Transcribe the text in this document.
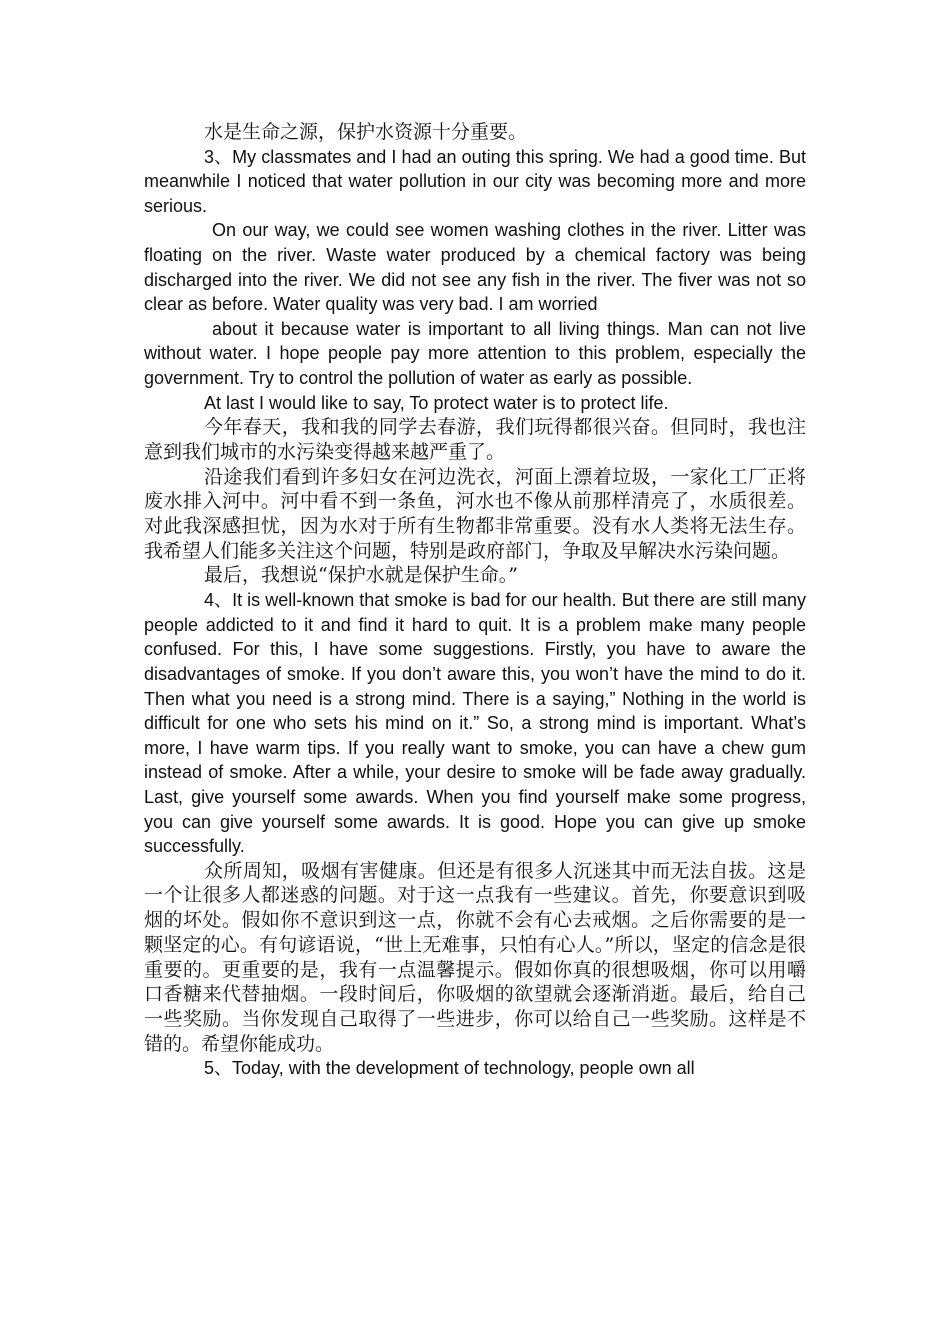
水是生命之源，保护水资源十分重要。

3、My classmates and I had an outing this spring. We had a good time. But meanwhile I noticed that water pollution in our city was becoming more and more serious.

On our way, we could see women washing clothes in the river. Litter was floating on the river. Waste water produced by a chemical factory was being discharged into the river. We did not see any fish in the river. The fiver was not so clear as before. Water quality was very bad. I am worried

about it because water is important to all living things. Man can not live without water. I hope people pay more attention to this problem, especially the government. Try to control the pollution of water as early as possible.

At last I would like to say, To protect water is to protect life.

今年春天，我和我的同学去春游，我们玩得都很兴奋。但同时，我也注意到我们城市的水污染变得越来越严重了。

沿途我们看到许多妇女在河边洗衣，河面上漂着垃圾，一家化工厂正将废水排入河中。河中看不到一条鱼，河水也不像从前那样清亮了，水质很差。对此我深感担忧，因为水对于所有生物都非常重要。没有水人类将无法生存。我希望人们能多关注这个问题，特别是政府部门，争取及早解决水污染问题。

最后，我想说“保护水就是保护生命。”

4、It is well-known that smoke is bad for our health. But there are still many people addicted to it and find it hard to quit. It is a problem make many people confused. For this, I have some suggestions. Firstly, you have to aware the disadvantages of smoke. If you don’t aware this, you won’t have the mind to do it. Then what you need is a strong mind. There is a saying,” Nothing in the world is difficult for one who sets his mind on it.” So, a strong mind is important. What’s more, I have warm tips. If you really want to smoke, you can have a chew gum instead of smoke. After a while, your desire to smoke will be fade away gradually. Last, give yourself some awards. When you find yourself make some progress, you can give yourself some awards. It is good. Hope you can give up smoke successfully.

众所周知，吸烟有害健康。但还是有很多人沉迷其中而无法自拔。这是一个让很多人都迷惑的问题。对于这一点我有一些建议。首先，你要意识到吸烟的坏处。假如你不意识到这一点，你就不会有心去戒烟。之后你需要的是一颗坚定的心。有句谚语说，“世上无难事，只怕有心人。”所以，坚定的信念是很重要的。更重要的是，我有一点温馨提示。假如你真的很想吸烟，你可以用嚼口香糖来代替抽烟。一段时间后，你吸烟的欲望就会逐渐消逝。最后，给自己一些奖励。当你发现自己取得了一些进步，你可以给自己一些奖励。这样是不错的。希望你能成功。

5、Today, with the development of technology, people own all
